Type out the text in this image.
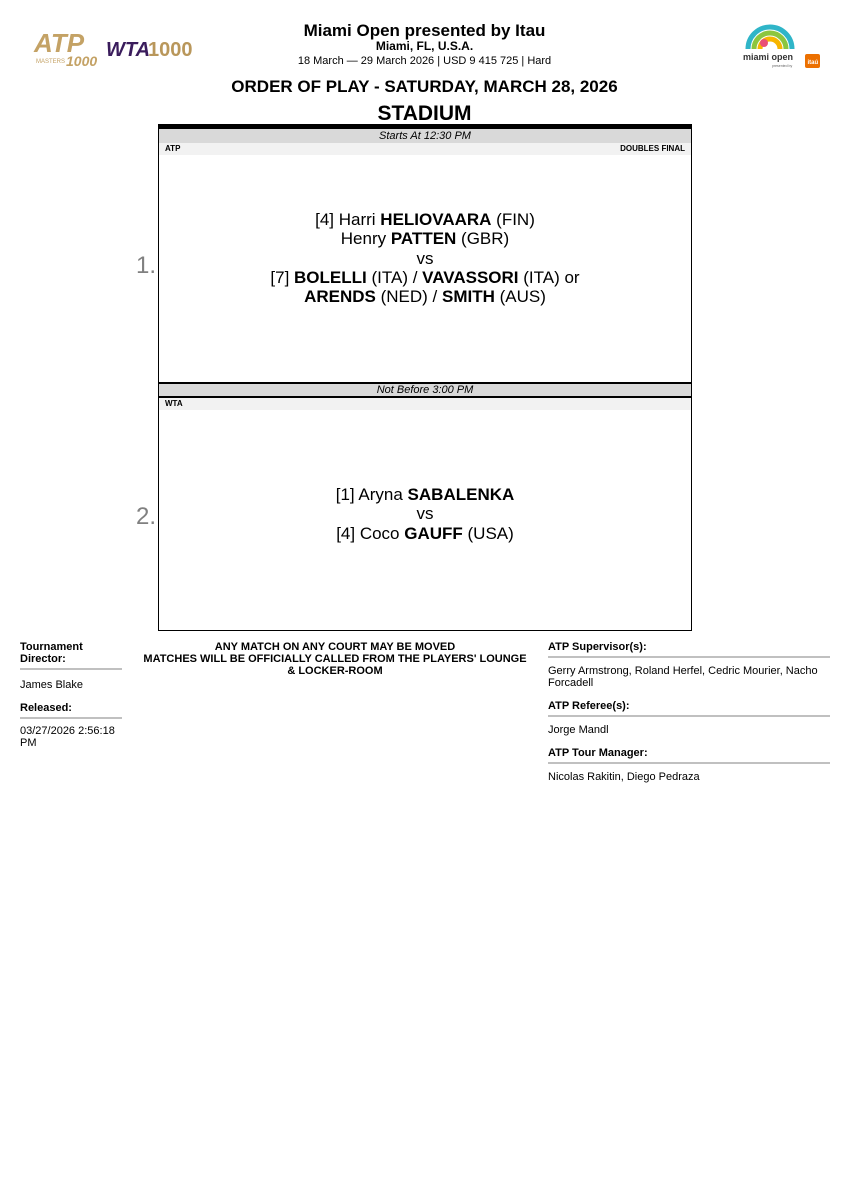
ATP
MASTERS 1000 WTA
1000
Miami Open presented by Itau
Miami, FL, U.S.A.
18 March — 29 March 2026 | USD 9 415 725 | Hard
ORDER OF PLAY - SATURDAY, MARCH 28, 2026
STADIUM
miami open
presented by	itaú
1.
2.
Starts At 12:30 PM
ATP	DOUBLES FINAL
[4] Harri HELIOVAARA (FIN)
Henry PATTEN (GBR)
vs
[7] BOLELLI (ITA) / VAVASSORI (ITA) or
ARENDS (NED) / SMITH (AUS)
Not Before 3:00 PM
WTA
[1] Aryna SABALENKA
vs
[4] Coco GAUFF (USA)
Tournament Director:
James Blake
Released:
03/27/2026 2:56:18 PM
ANY MATCH ON ANY COURT MAY BE MOVED
MATCHES WILL BE OFFICIALLY CALLED FROM THE PLAYERS' LOUNGE & LOCKER-ROOM
ATP Supervisor(s):
Gerry Armstrong, Roland Herfel, Cedric Mourier, Nacho Forcadell
ATP Referee(s):
Jorge Mandl
ATP Tour Manager:
Nicolas Rakitin, Diego Pedraza
